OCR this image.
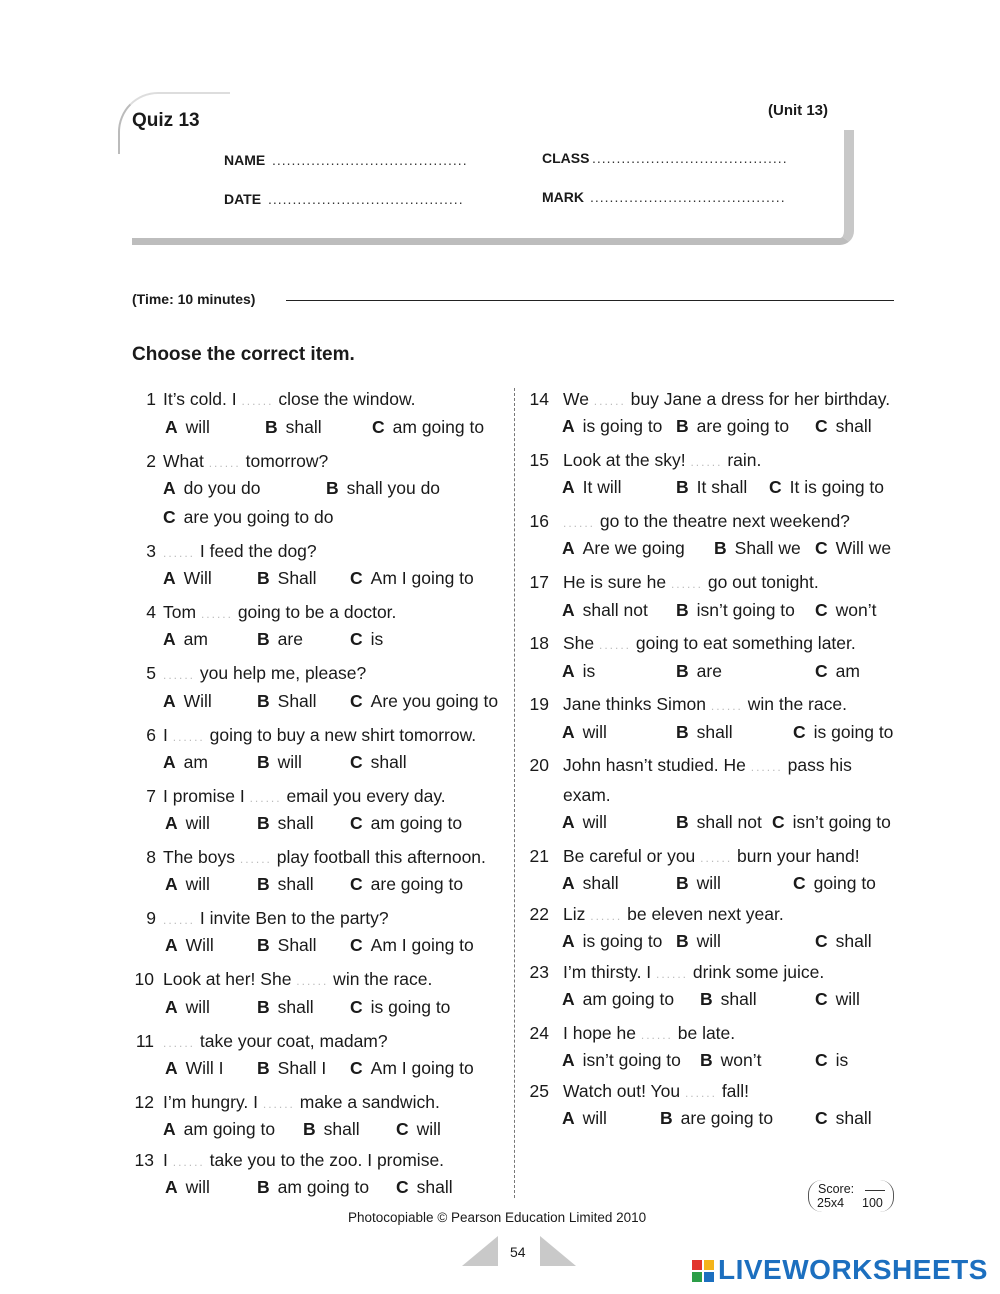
Quiz 13	(Unit 13)
NAME ........................................	CLASS ........................................
DATE ........................................	MARK ........................................
(Time: 10 minutes)
Choose the correct item.
1 It’s cold. I ...... close the window.
A will	B shall	C am going to
2 What ...... tomorrow?
A do you do	B shall you do
C are you going to do
3 ...... I feed the dog?
A Will	B Shall C Am I going to
4 Tom ...... going to be a doctor.
A am	B are	C is
5 ...... you help me, please?
A Will	B Shall C Are you going to
6 I ...... going to buy a new shirt tomorrow.
A am	B will	C shall
7 I promise I ...... email you every day.
A will	B shall C am going to
8 The boys ...... play football this afternoon.
A will	B shall C are going to
9 ...... I invite Ben to the party?
A Will B Shall C Am I going to
10 Look at her! She ...... win the race.
A will	B shall C is going to
11 ...... take your coat, madam?
A Will I B Shall I C Am I going to
12 I’m hungry. I ...... make a sandwich.
A am going to B shall C will
13 I ...... take you to the zoo. I promise.
A will	B am going to C shall
14 We ...... buy Jane a dress for her birthday.
A is going to B are going to C shall
15 Look at the sky! ...... rain.
A It will	B It shall C It is going to
16 ...... go to the theatre next weekend?
A Are we going B Shall we C Will we
17 He is sure he ...... go out tonight.
A shall not B isn’t going to C won’t
18 She ...... going to eat something later.
A is	B are	C am
19 Jane thinks Simon ...... win the race.
A will	B shall	C is going to
20 John hasn’t studied. He ...... pass his
exam.
A will	B shall not C isn’t going to
21 Be careful or you ...... burn your hand!
A shall	B will	C going to
22 Liz ...... be eleven next year.
A is going to B will	C shall
23 I’m thirsty. I ...... drink some juice.
A am going to B shall	C will
24 I hope he ...... be late.
A isn’t going to B won’t	C is
25 Watch out! You ...... fall!
A will	B are going to C shall
Score:
25x4 100
Photocopiable © Pearson Education Limited 2010
54
LIVEWORKSHEETS
